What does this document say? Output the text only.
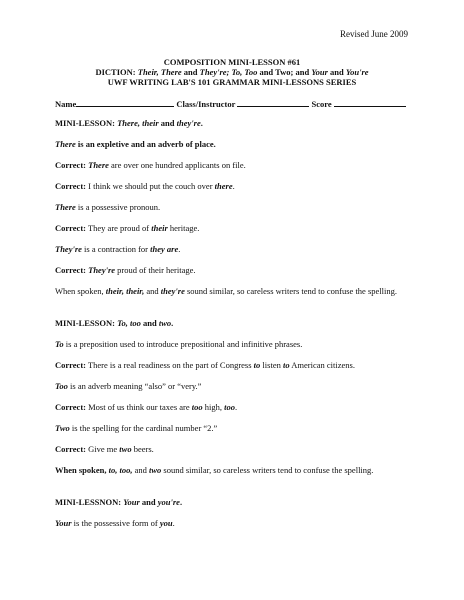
Revised June 2009
COMPOSITION MINI-LESSON #61
DICTION: Their, There and They're; To, Too and Two; and Your and You're
UWF WRITING LAB'S 101 GRAMMAR MINI-LESSONS SERIES
Name	Class/Instructor	Score
MINI-LESSON: There, their and they're.
There is an expletive and an adverb of place.
Correct: There are over one hundred applicants on file.
Correct: I think we should put the couch over there.
There is a possessive pronoun.
Correct: They are proud of their heritage.
They're is a contraction for they are.
Correct: They're proud of their heritage.
When spoken, their, their, and they're sound similar, so careless writers tend to confuse the spelling.
MINI-LESSON: To, too and two.
To is a preposition used to introduce prepositional and infinitive phrases.
Correct: There is a real readiness on the part of Congress to listen to American citizens.
Too is an adverb meaning “also” or “very.”
Correct: Most of us think our taxes are too high, too.
Two is the spelling for the cardinal number “2.”
Correct: Give me two beers.
When spoken, to, too, and two sound similar, so careless writers tend to confuse the spelling.
MINI-LESSNON: Your and you're.
Your is the possessive form of you.
